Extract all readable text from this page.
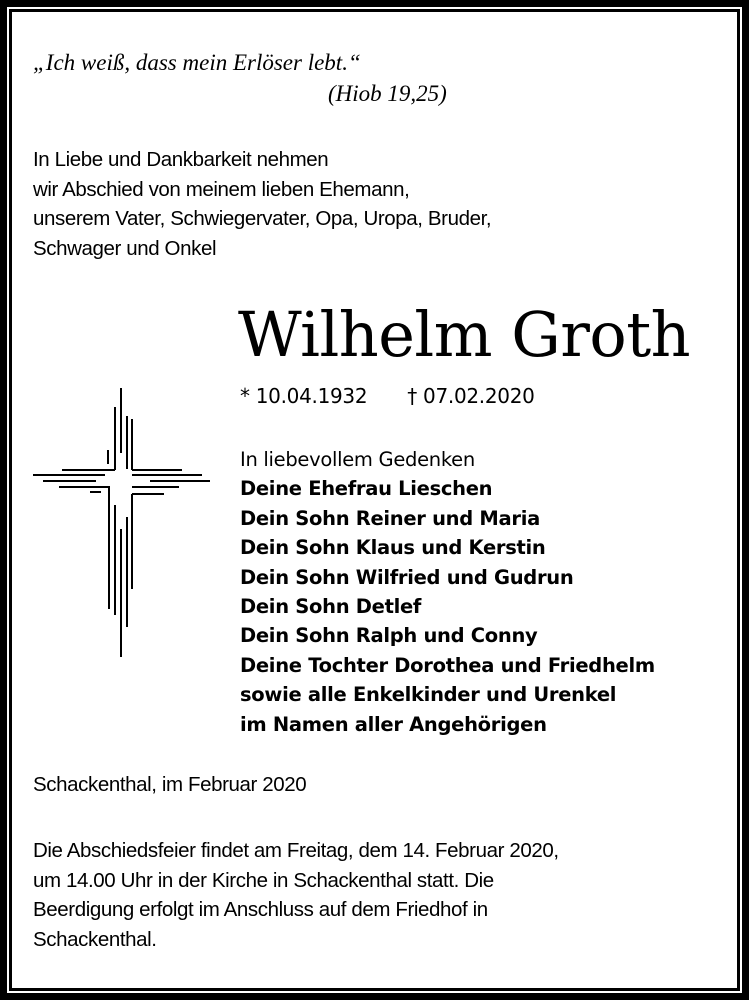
„Ich weiß, dass mein Erlöser lebt.“
(Hiob 19,25)
In Liebe und Dankbarkeit nehmen
wir Abschied von meinem lieben Ehemann,
unserem Vater, Schwiegervater, Opa, Uropa, Bruder,
Schwager und Onkel
Wilhelm Groth
* 10.04.1932 † 07.02.2020
In liebevollem Gedenken
Deine Ehefrau Lieschen
Dein Sohn Reiner und Maria
Dein Sohn Klaus und Kerstin
Dein Sohn Wilfried und Gudrun
Dein Sohn Detlef
Dein Sohn Ralph und Conny
Deine Tochter Dorothea und Friedhelm
sowie alle Enkelkinder und Urenkel
im Namen aller Angehörigen
Schackenthal, im Februar 2020
Die Abschiedsfeier findet am Freitag, dem 14. Februar 2020,
um 14.00 Uhr in der Kirche in Schackenthal statt. Die
Beerdigung erfolgt im Anschluss auf dem Friedhof in
Schackenthal.
